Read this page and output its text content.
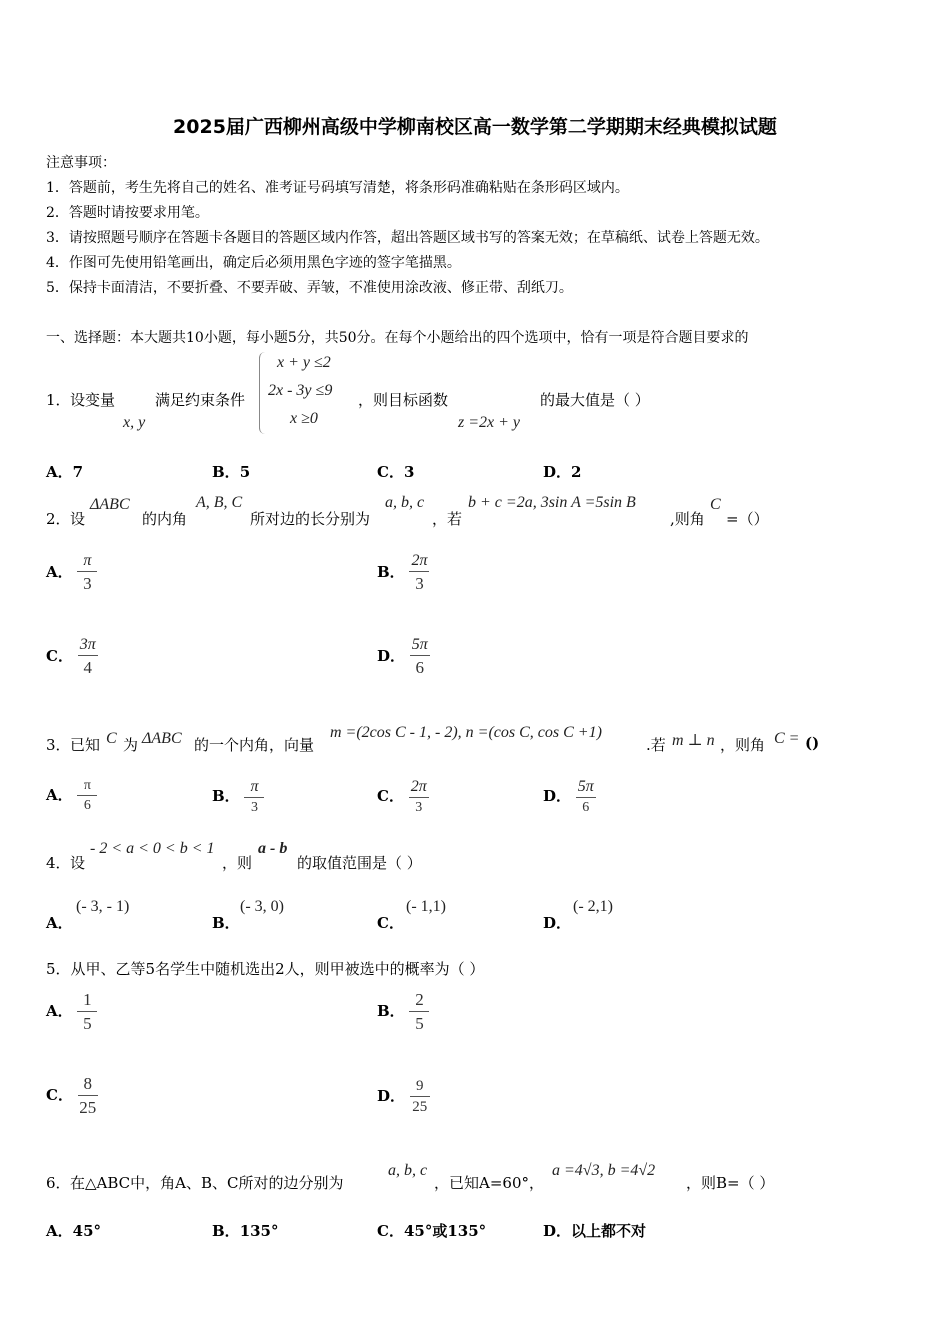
2025届广西柳州高级中学柳南校区高一数学第二学期期末经典模拟试题
注意事项：
1．答题前，考生先将自己的姓名、准考证号码填写清楚，将条形码准确粘贴在条形码区域内。
2．答题时请按要求用笔。
3．请按照题号顺序在答题卡各题目的答题区域内作答，超出答题区域书写的答案无效；在草稿纸、试卷上答题无效。
4．作图可先使用铅笔画出，确定后必须用黑色字迹的签字笔描黑。
5．保持卡面清洁，不要折叠、不要弄破、弄皱，不准使用涂改液、修正带、刮纸刀。
一、选择题：本大题共10小题，每小题5分，共50分。在每个小题给出的四个选项中，恰有一项是符合题目要求的
1． 设变量
x, y
满足约束条件
x + y ≤2
2x - 3y ≤9
x ≥0
，则目标函数
z =2x + y
的最大值是（ ）
A．7	B．5	C．3	D．2
2． 设
ΔABC
的内角
A, B, C
所对边的长分别为
a, b, c
，若
b + c =2a, 3sin A =5sin B
,则角
C
=（）
A． $\frac{\pi}{3}$	B． $\frac{2\pi}{3}$
C． $\frac{3\pi}{4}$	D． $\frac{5\pi}{6}$
3． 已知 C 为 ΔABC 的一个内角，向量
m =(2cos C - 1, - 2), n =(cos C, cos C +1)
.若 m ⊥ n ，则角 C = ()
A． $\frac{\pi}{6}$	B． $\frac{\pi}{3}$	C． $\frac{2\pi}{3}$	D． $\frac{5\pi}{6}$
4． 设
- 2 < a < 0 < b < 1
，则
a - b
的取值范围是（ ）
A．
(- 3, - 1)
B．
(- 3, 0)
C．
(- 1,1)
D．
(- 2,1)
5．从甲、乙等5名学生中随机选出2人，则甲被选中的概率为（ ）
A． $\frac{1}{5}$	B． $\frac{2}{5}$
C． $\frac{8}{25}$	D． $\frac{9}{25}$
6． 在△ABC中，角A、B、C所对的边分别为
a, b, c
，已知A=60°，
a =4√3, b =4√2
，则B=（ ）
A．45°	B．135°	C．45°或135°	D．以上都不对
